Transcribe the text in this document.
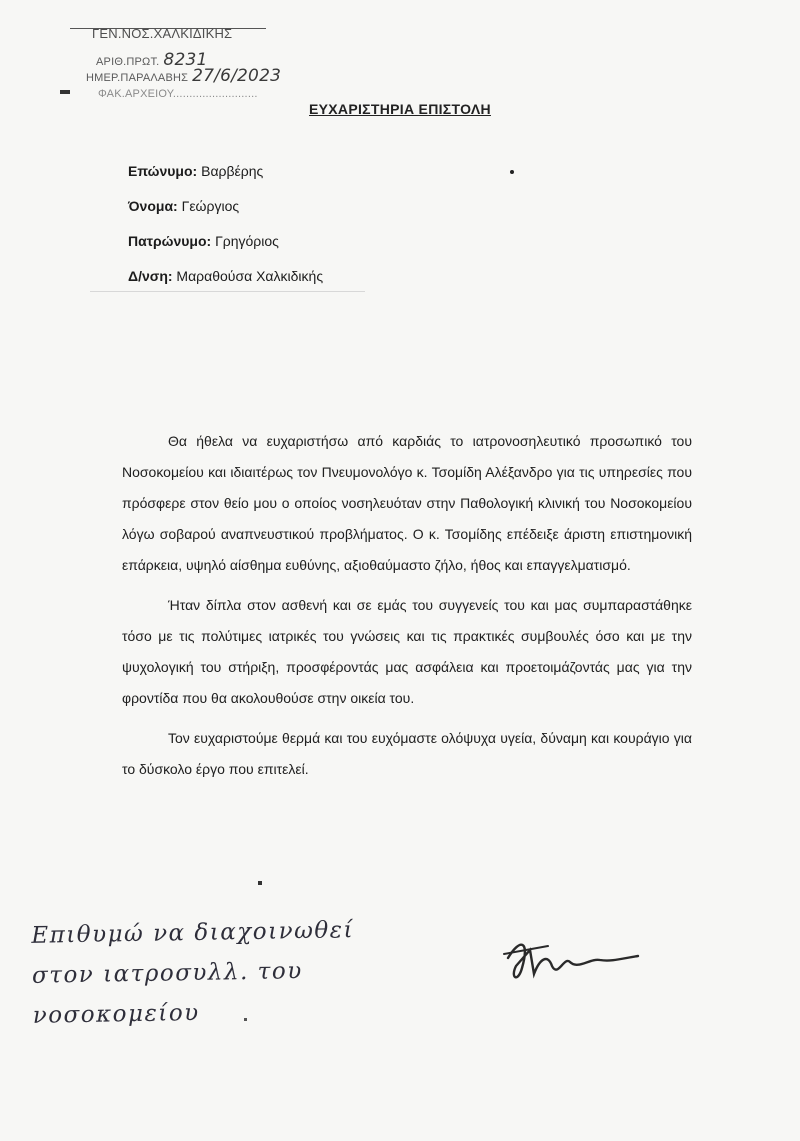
ΓΕΝ.ΝΟΣ.ΧΑΛΚΙΔΙΚΗΣ
ΑΡΙΘ.ΠΡΩΤ. 8231
ΗΜΕΡ.ΠΑΡΑΛΑΒΗΣ 27/6/2023
ΦΑΚ.ΑΡΧΕΙΟΥ..........................
ΕΥΧΑΡΙΣΤΗΡΙΑ ΕΠΙΣΤΟΛΗ
Επώνυμο: Βαρβέρης
Όνομα: Γεώργιος
Πατρώνυμο: Γρηγόριος
Δ/νση: Μαραθούσα Χαλκιδικής

Θα ήθελα να ευχαριστήσω από καρδιάς το ιατρονοσηλευτικό προσωπικό του Νοσοκομείου και ιδιαιτέρως τον Πνευμονολόγο κ. Τσομίδη Αλέξανδρο για τις υπηρεσίες που πρόσφερε στον θείο μου ο οποίος νοσηλευόταν στην Παθολογική κλινική του Νοσοκομείου λόγω σοβαρού αναπνευστικού προβλήματος. Ο κ. Τσομίδης επέδειξε άριστη επιστημονική επάρκεια, υψηλό αίσθημα ευθύνης, αξιοθαύμαστο ζήλο, ήθος και επαγγελματισμό.

Ήταν δίπλα στον ασθενή και σε εμάς του συγγενείς του και μας συμπαραστάθηκε τόσο με τις πολύτιμες ιατρικές του γνώσεις και τις πρακτικές συμβουλές όσο και με την ψυχολογική του στήριξη, προσφέροντάς μας ασφάλεια και προετοιμάζοντάς μας για την φροντίδα που θα ακολουθούσε στην οικεία του.

Τον ευχαριστούμε θερμά και του ευχόμαστε ολόψυχα υγεία, δύναμη και κουράγιο για το δύσκολο έργο που επιτελεί.

Επιθυμώ να διαχοινωθεί
στον ιατροσυλλ. του νοσοκομείου
